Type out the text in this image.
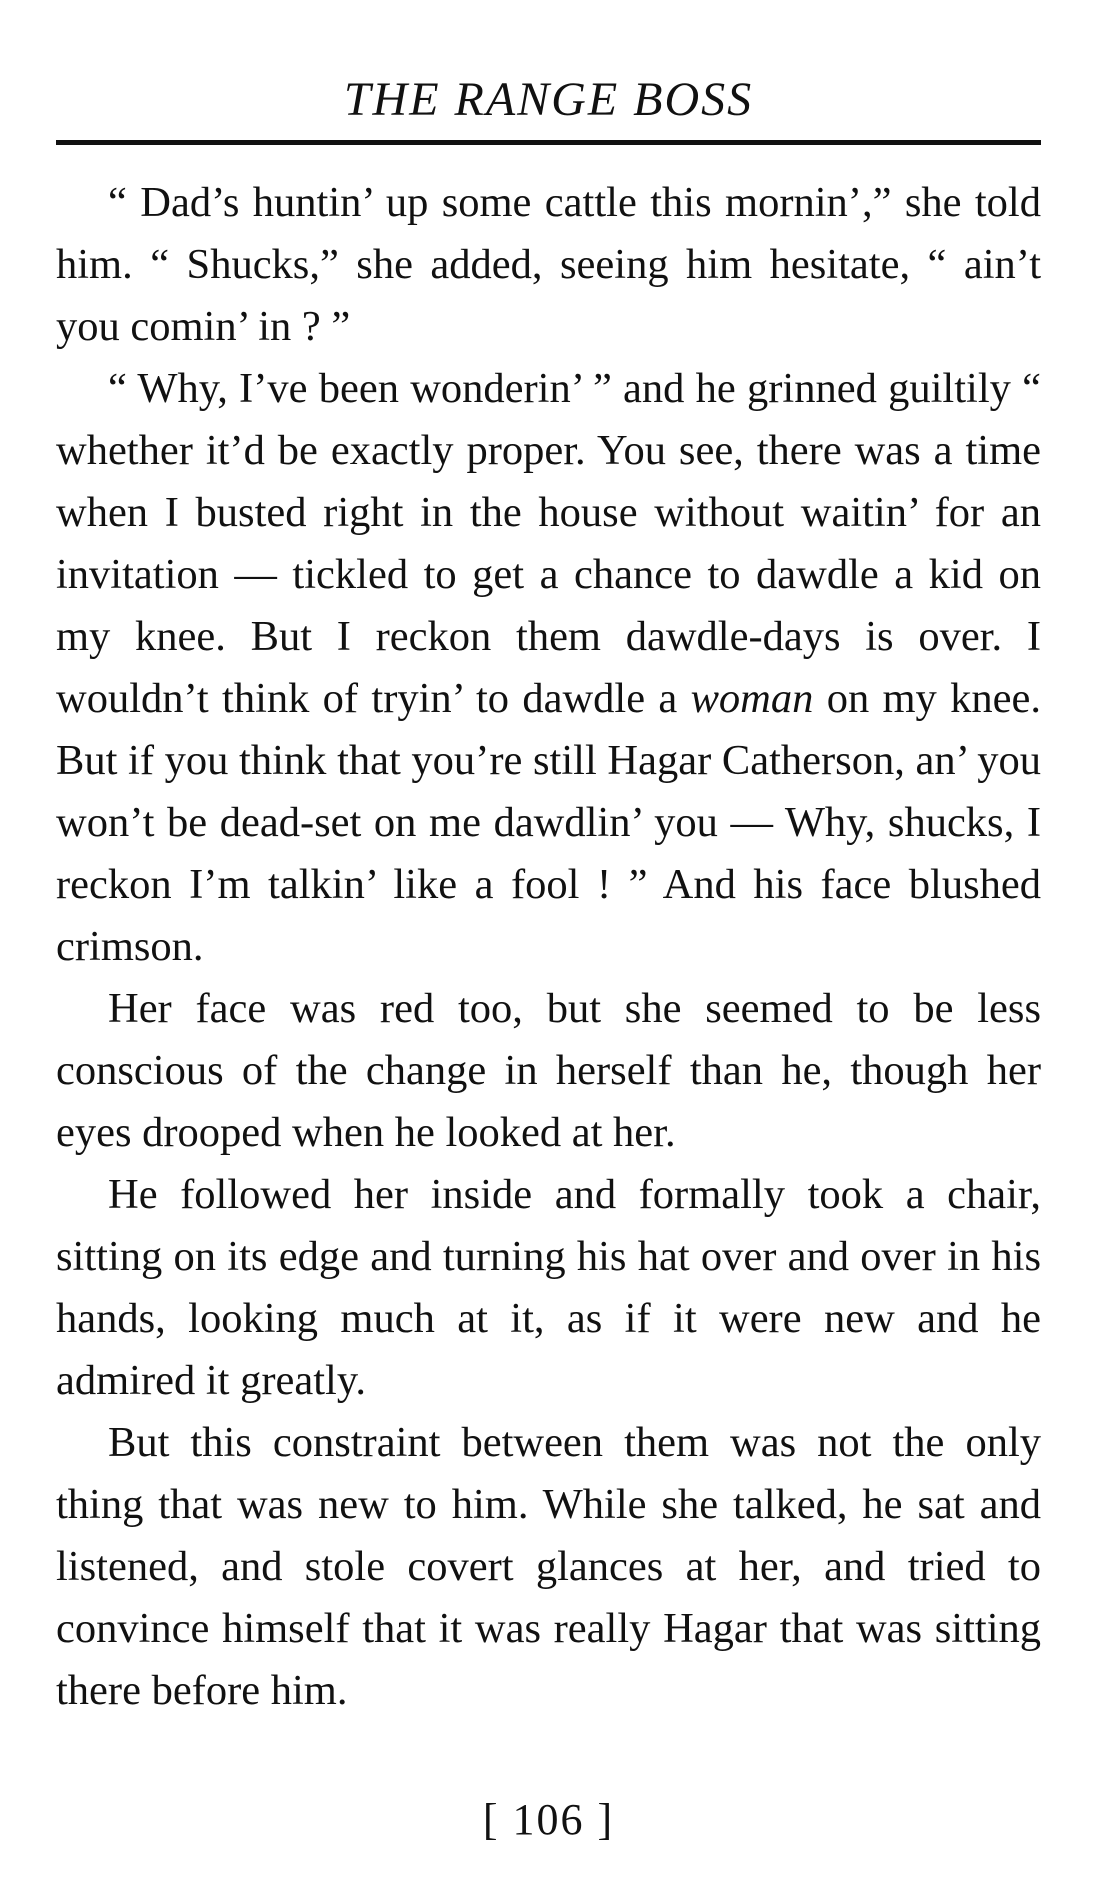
THE RANGE BOSS

“ Dad’s huntin’ up some cattle this mornin’,” she told him. “ Shucks,” she added, seeing him hesitate, “ ain’t you comin’ in ? ”

“ Why, I’ve been wonderin’ ” and he grinned guiltily “ whether it’d be exactly proper. You see, there was a time when I busted right in the house without waitin’ for an invitation — tickled to get a chance to dawdle a kid on my knee. But I reckon them dawdle-days is over. I wouldn’t think of tryin’ to dawdle a woman on my knee. But if you think that you’re still Hagar Catherson, an’ you won’t be dead-set on me dawdlin’ you — Why, shucks, I reckon I’m talkin’ like a fool ! ” And his face blushed crimson.

Her face was red too, but she seemed to be less conscious of the change in herself than he, though her eyes drooped when he looked at her.

He followed her inside and formally took a chair, sitting on its edge and turning his hat over and over in his hands, looking much at it, as if it were new and he admired it greatly.

But this constraint between them was not the only thing that was new to him. While she talked, he sat and listened, and stole covert glances at her, and tried to convince himself that it was really Hagar that was sitting there before him.

[ 106 ]
